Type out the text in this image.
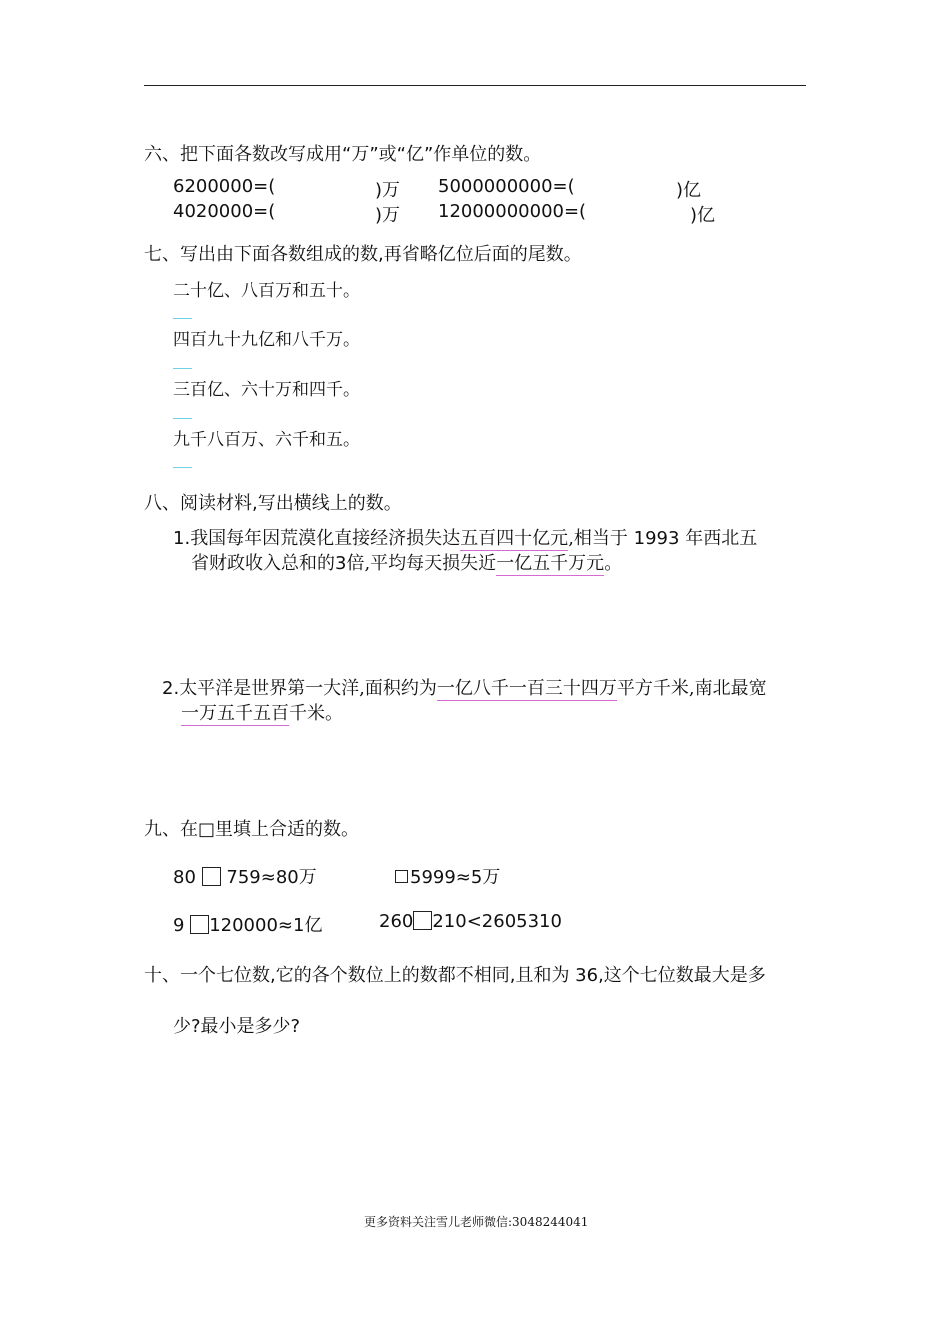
六、把下面各数改写成用“万”或“亿”作单位的数。
6200000=(	)万 5000000000=(	)亿
4020000=(	)万 12000000000=(	)亿
七、写出由下面各数组成的数,再省略亿位后面的尾数。
二十亿、八百万和五十。
四百九十九亿和八千万。
三百亿、六十万和四千。
九千八百万、六千和五。
八、阅读材料,写出横线上的数。
1.我国每年因荒漠化直接经济损失达五百四十亿元,相当于 1993 年西北五
省财政收入总和的3倍,平均每天损失近一亿五千万元。
2.太平洋是世界第一大洋,面积约为一亿八千一百三十四万平方千米,南北最宽
一万五千五百千米。
九、在□里填上合适的数。
80 759≈80万	5999≈5万
9 120000≈1亿	260 210<2605310
十、一个七位数,它的各个数位上的数都不相同,且和为 36,这个七位数最大是多
少?最小是多少?
更多资料关注雪儿老师微信:3048244041
